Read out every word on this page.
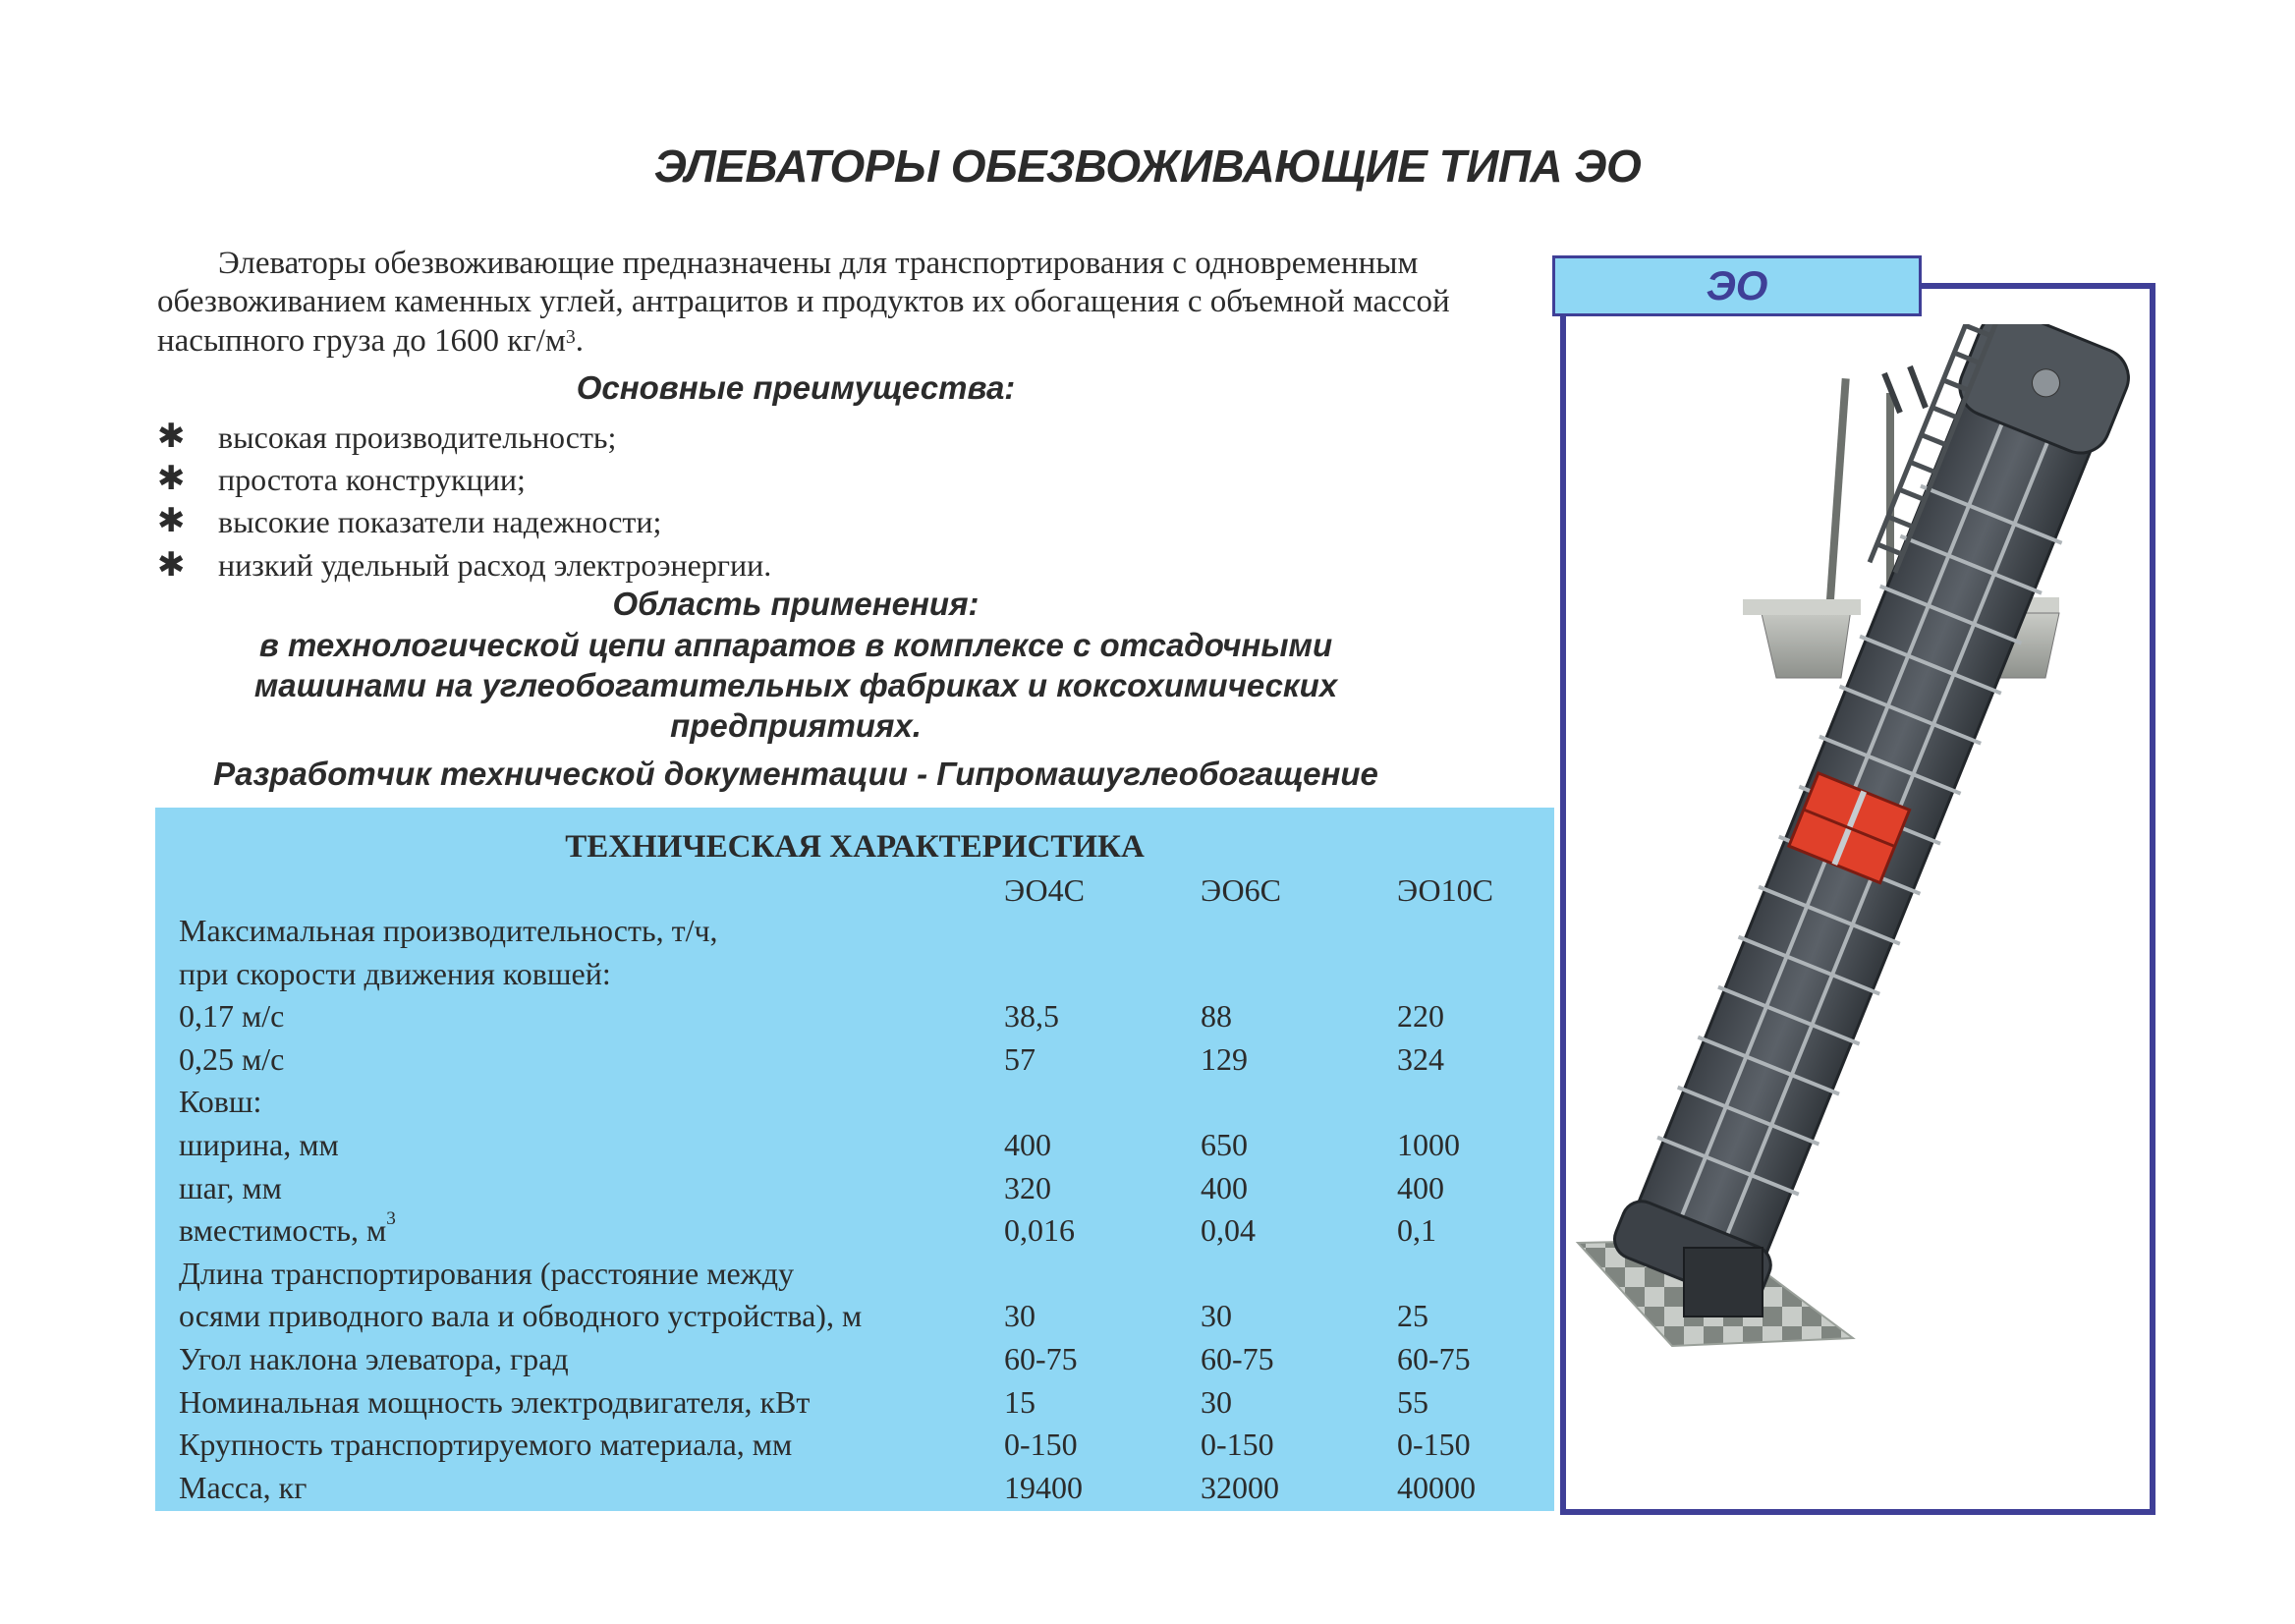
ЭЛЕВАТОРЫ ОБЕЗВОЖИВАЮЩИЕ ТИПА ЭО
Элеваторы обезвоживающие предназначены для транспортирования с одновременным
обезвоживанием каменных углей, антрацитов и продуктов их обогащения с объемной массой
насыпного груза до 1600 $кг/м^3$.
Основные преимущества:
✱ высокая производительность;
✱ простота конструкции;
✱ высокие показатели надежности;
✱ низкий удельный расход электроэнергии.
Область применения:
в технологической цепи аппаратов в комплексе с отсадочными
машинами на углеобогатительных фабриках и коксохимических
предприятиях.
Разработчик технической документации - Гипромашуглеобогащение
ТЕХНИЧЕСКАЯ ХАРАКТЕРИСТИКА
ЭО4С	ЭО6С	ЭО10С
Максимальная производительность, т/ч,
при скорости движения ковшей:
0,17 м/с	38,5	88	220
0,25 м/с	57	129	324
Ковш:
ширина, мм	400	650	1000
шаг, мм	320	400	400
вместимость, $м^3$	0,016	0,04	0,1
Длина транспортирования (расстояние между
осями приводного вала и обводного устройства), м	30	30	25
Угол наклона элеватора, град	60-75	60-75	60-75
Номинальная мощность электродвигателя, кВт	15	30	55
Крупность транспортируемого материала, мм	0-150	0-150	0-150
Масса, кг	19400	32000	40000
ЭО
